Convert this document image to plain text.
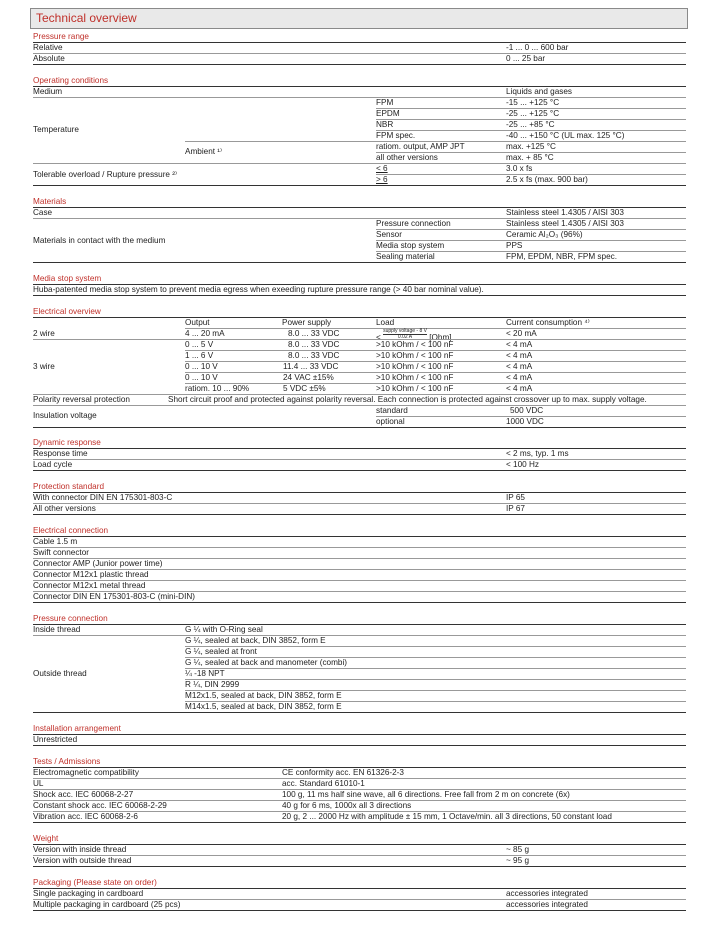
Technical overview
Pressure range
Relative	-1 ... 0 ... 600 bar
Absolute	0 ... 25 bar
Operating conditions
Medium	Liquids and gases
Temperature
FPM	-15 ... +125 °C
EPDM	-25 ... +125 °C
NBR	-25 ... +85 °C
FPM spec.	-40 ... +150 °C (UL max. 125 °C)
Ambient ¹⁾
ratiom. output, AMP JPT	max. +125 °C
all other versions	max. + 85 °C
Tolerable overload / Rupture pressure ²⁾
< 6	3.0 x fs
> 6	2.5 x fs (max. 900 bar)
Materials
Case	Stainless steel 1.4305 / AISI 303
Materials in contact with the medium
Pressure connection	Stainless steel 1.4305 / AISI 303
Sensor	Ceramic Al₂O₃ (96%)
Media stop system	PPS
Sealing material	FPM, EPDM, NBR, FPM spec.
Media stop system
Huba-patented media stop system to prevent media egress when exeeding rupture pressure range (> 40 bar nominal value).
Electrical overview
Output	Power supply	Load	Current consumption ⁴⁾
2 wire	4 ... 20 mA	8.0 ... 33 VDC	< $\frac{\text{supply voltage - 8 V}}{0.02 A} [Ohm]$	< 20 mA
3 wire
0 ... 5 V	8.0 ... 33 VDC	>10 kOhm / < 100 nF	< 4 mA
1 ... 6 V	8.0 ... 33 VDC	>10 kOhm / < 100 nF	< 4 mA
0 ... 10 V	11.4 ... 33 VDC	>10 kOhm / < 100 nF	< 4 mA
0 ... 10 V	24 VAC ±15%	>10 kOhm / < 100 nF	< 4 mA
ratiom. 10 ... 90%	5 VDC ±5%	>10 kOhm / < 100 nF	< 4 mA
Polarity reversal protection	Short circuit proof and protected against polarity reversal. Each connection is protected against crossover up to max. supply voltage.
Insulation voltage
standard	500 VDC
optional	1000 VDC
Dynamic response
Response time	< 2 ms, typ. 1 ms
Load cycle	< 100 Hz
Protection standard
With connector DIN EN 175301-803-C	IP 65
All other versions	IP 67
Electrical connection
Cable 1.5 m
Swift connector
Connector AMP (Junior power time)
Connector M12x1 plastic thread
Connector M12x1 metal thread
Connector DIN EN 175301-803-C (mini-DIN)
Pressure connection
Inside thread	G ¼ with O-Ring seal
Outside thread
G ¼, sealed at back, DIN 3852, form E
G ¼, sealed at front
G ¼, sealed at back and manometer (combi)
¼ -18 NPT
R ¼, DIN 2999
M12x1.5, sealed at back, DIN 3852, form E
M14x1.5, sealed at back, DIN 3852, form E
Installation arrangement
Unrestricted
Tests / Admissions
Electromagnetic compatibility	CE conformity acc. EN 61326-2-3
UL	acc. Standard 61010-1
Shock acc. IEC 60068-2-27	100 g, 11 ms half sine wave, all 6 directions. Free fall from 2 m on concrete (6x)
Constant shock acc. IEC 60068-2-29	40 g for 6 ms, 1000x all 3 directions
Vibration acc. IEC 60068-2-6	20 g, 2 ... 2000 Hz with amplitude ± 15 mm, 1 Octave/min. all 3 directions, 50 constant load
Weight
Version with inside thread	~ 85 g
Version with outside thread	~ 95 g
Packaging (Please state on order)
Single packaging in cardboard	accessories integrated
Multiple packaging in cardboard (25 pcs)	accessories integrated
